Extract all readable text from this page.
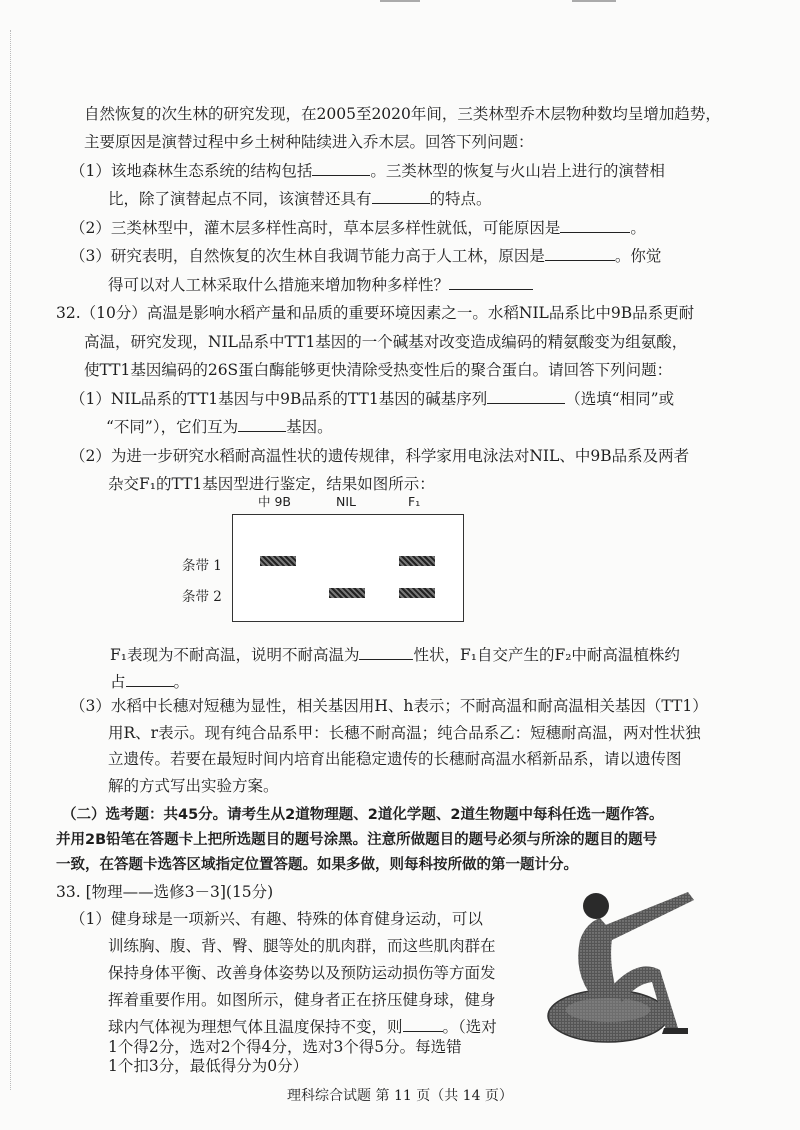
自然恢复的次生林的研究发现，在2005至2020年间，三类林型乔木层物种数均呈增加趋势，
主要原因是演替过程中乡土树种陆续进入乔木层。回答下列问题：
（1）该地森林生态系统的结构包括	。三类林型的恢复与火山岩上进行的演替相
比，除了演替起点不同，该演替还具有	的特点。
（2）三类林型中，灌木层多样性高时，草本层多样性就低，可能原因是	。
（3）研究表明，自然恢复的次生林自我调节能力高于人工林，原因是	。你觉
得可以对人工林采取什么措施来增加物种多样性？
32.（10分）高温是影响水稻产量和品质的重要环境因素之一。水稻NIL品系比中9B品系更耐
高温，研究发现，NIL品系中TT1基因的一个碱基对改变造成编码的精氨酸变为组氨酸，
使TT1基因编码的26S蛋白酶能够更快清除受热变性后的聚合蛋白。请回答下列问题：
（1）NIL品系的TT1基因与中9B品系的TT1基因的碱基序列	（选填“相同”或
“不同”），它们互为	基因。
（2）为进一步研究水稻耐高温性状的遗传规律，科学家用电泳法对NIL、中9B品系及两者
杂交F₁的TT1基因型进行鉴定，结果如图所示：
中 9B	NIL	F₁
条带 1
条带 2
F₁表现为不耐高温，说明不耐高温为	性状，F₁自交产生的F₂中耐高温植株约
占	。
（3）水稻中长穗对短穗为显性，相关基因用H、h表示；不耐高温和耐高温相关基因（TT1）
用R、r表示。现有纯合品系甲：长穗不耐高温；纯合品系乙：短穗耐高温，两对性状独
立遗传。若要在最短时间内培育出能稳定遗传的长穗耐高温水稻新品系，请以遗传图
解的方式写出实验方案。
（二）选考题：共45分。请考生从2道物理题、2道化学题、2道生物题中每科任选一题作答。
并用2B铅笔在答题卡上把所选题目的题号涂黑。注意所做题目的题号必须与所涂的题目的题号
一致，在答题卡选答区域指定位置答题。如果多做，则每科按所做的第一题计分。
33. [物理——选修3－3](15分)
（1）健身球是一项新兴、有趣、特殊的体育健身运动，可以
训练胸、腹、背、臀、腿等处的肌肉群，而这些肌肉群在
保持身体平衡、改善身体姿势以及预防运动损伤等方面发
挥着重要作用。如图所示，健身者正在挤压健身球，健身
球内气体视为理想气体且温度保持不变，则	。（选对
1个得2分，选对2个得4分，选对3个得5分。每选错
理科综合试题 第 11 页（共 14 页）
1个扣3分，最低得分为0分）
